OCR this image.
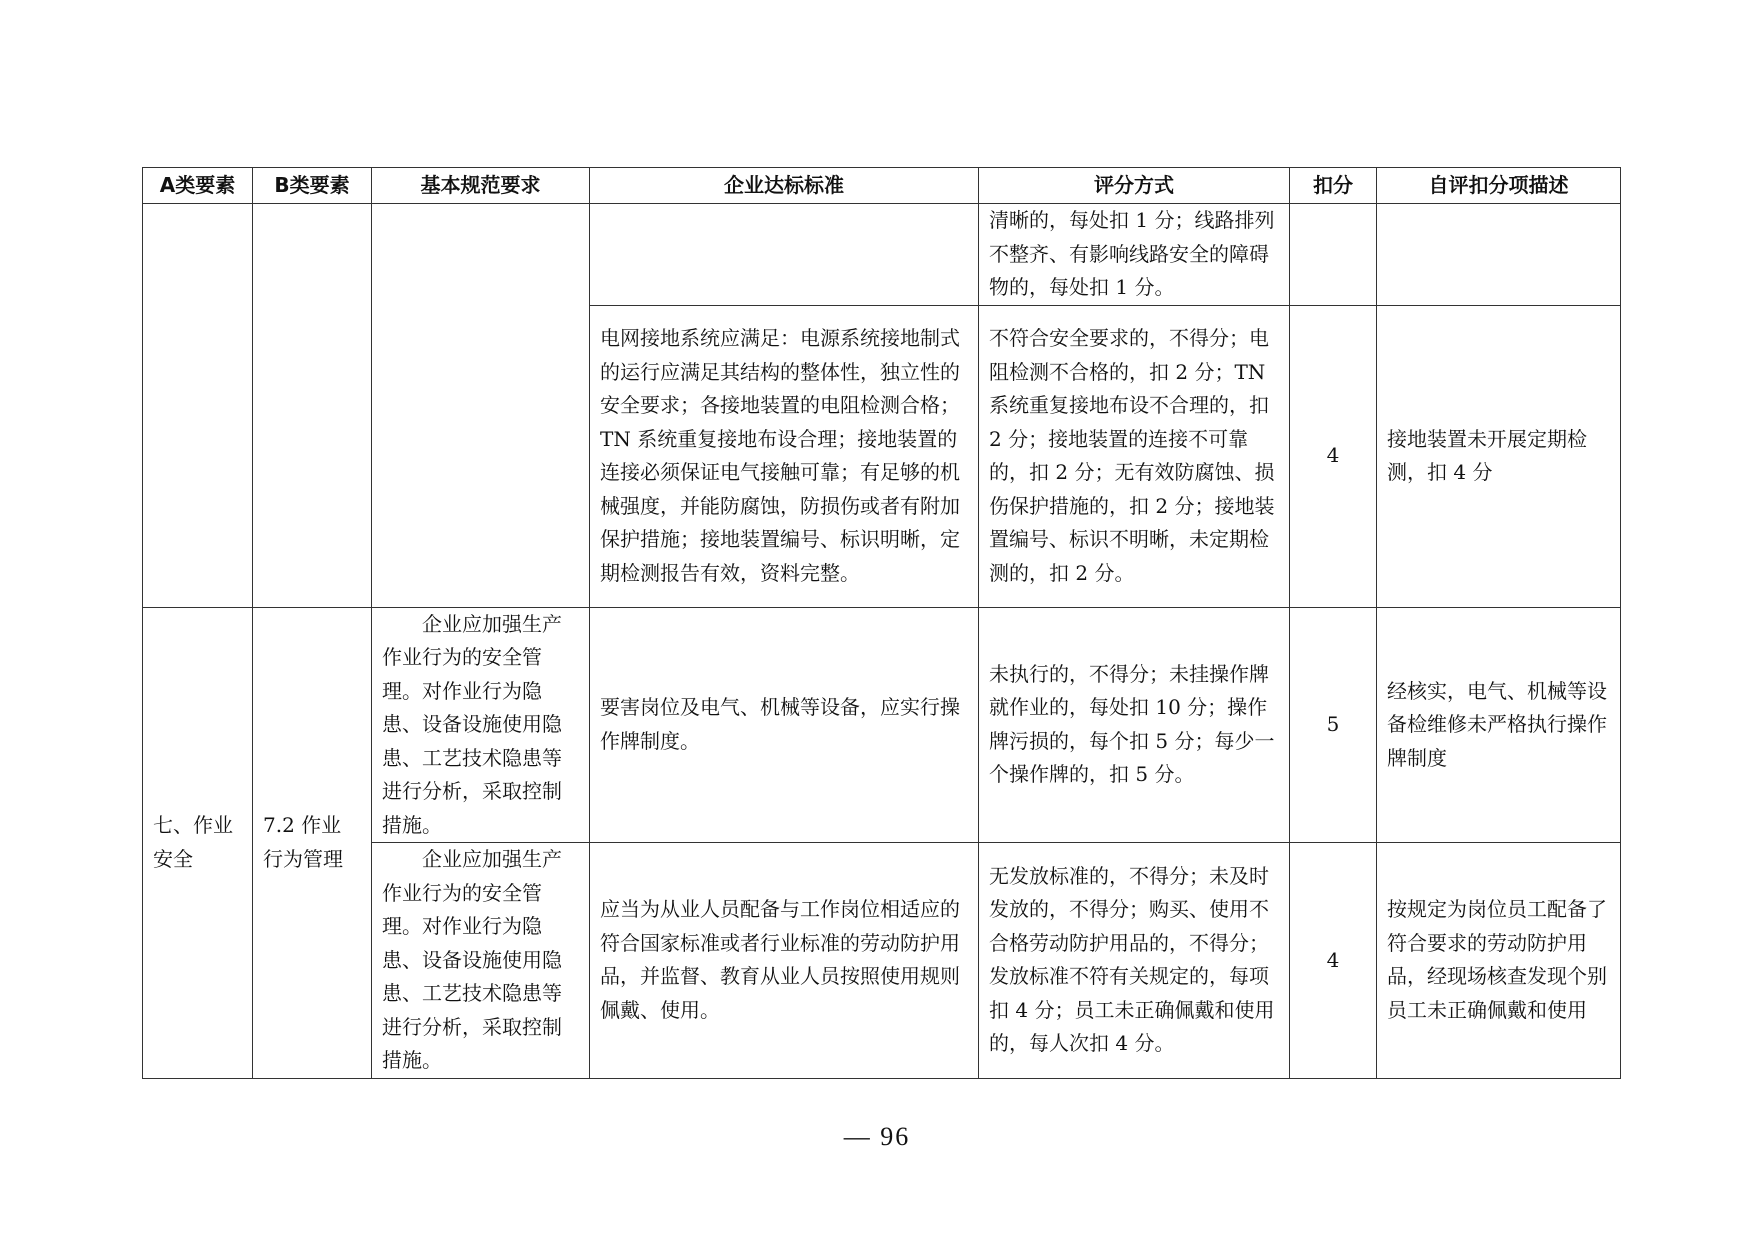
A类要素	B类要素	基本规范要求	企业达标标准	评分方式	扣分	自评扣分项描述
				清晰的，每处扣 1 分；线路排列不整齐、有影响线路安全的障碍物的，每处扣 1 分。		
			电网接地系统应满足：电源系统接地制式的运行应满足其结构的整体性，独立性的安全要求；各接地装置的电阻检测合格；TN 系统重复接地布设合理；接地装置的连接必须保证电气接触可靠；有足够的机械强度，并能防腐蚀，防损伤或者有附加保护措施；接地装置编号、标识明晰，定期检测报告有效，资料完整。	不符合安全要求的，不得分；电阻检测不合格的，扣 2 分；TN 系统重复接地布设不合理的，扣 2 分；接地装置的连接不可靠的，扣 2 分；无有效防腐蚀、损伤保护措施的，扣 2 分；接地装置编号、标识不明晰，未定期检测的，扣 2 分。	4	接地装置未开展定期检测，扣 4 分
七、作业安全	7.2 作业行为管理	企业应加强生产作业行为的安全管理。对作业行为隐患、设备设施使用隐患、工艺技术隐患等进行分析，采取控制措施。	要害岗位及电气、机械等设备，应实行操作牌制度。	未执行的，不得分；未挂操作牌就作业的，每处扣 10 分；操作牌污损的，每个扣 5 分；每少一个操作牌的，扣 5 分。	5	经核实，电气、机械等设备检维修未严格执行操作牌制度
		企业应加强生产作业行为的安全管理。对作业行为隐患、设备设施使用隐患、工艺技术隐患等进行分析，采取控制措施。	应当为从业人员配备与工作岗位相适应的符合国家标准或者行业标准的劳动防护用品，并监督、教育从业人员按照使用规则佩戴、使用。	无发放标准的，不得分；未及时发放的，不得分；购买、使用不合格劳动防护用品的，不得分；发放标准不符有关规定的，每项扣 4 分；员工未正确佩戴和使用的，每人次扣 4 分。	4	按规定为岗位员工配备了符合要求的劳动防护用品，经现场核查发现个别员工未正确佩戴和使用
— 96
